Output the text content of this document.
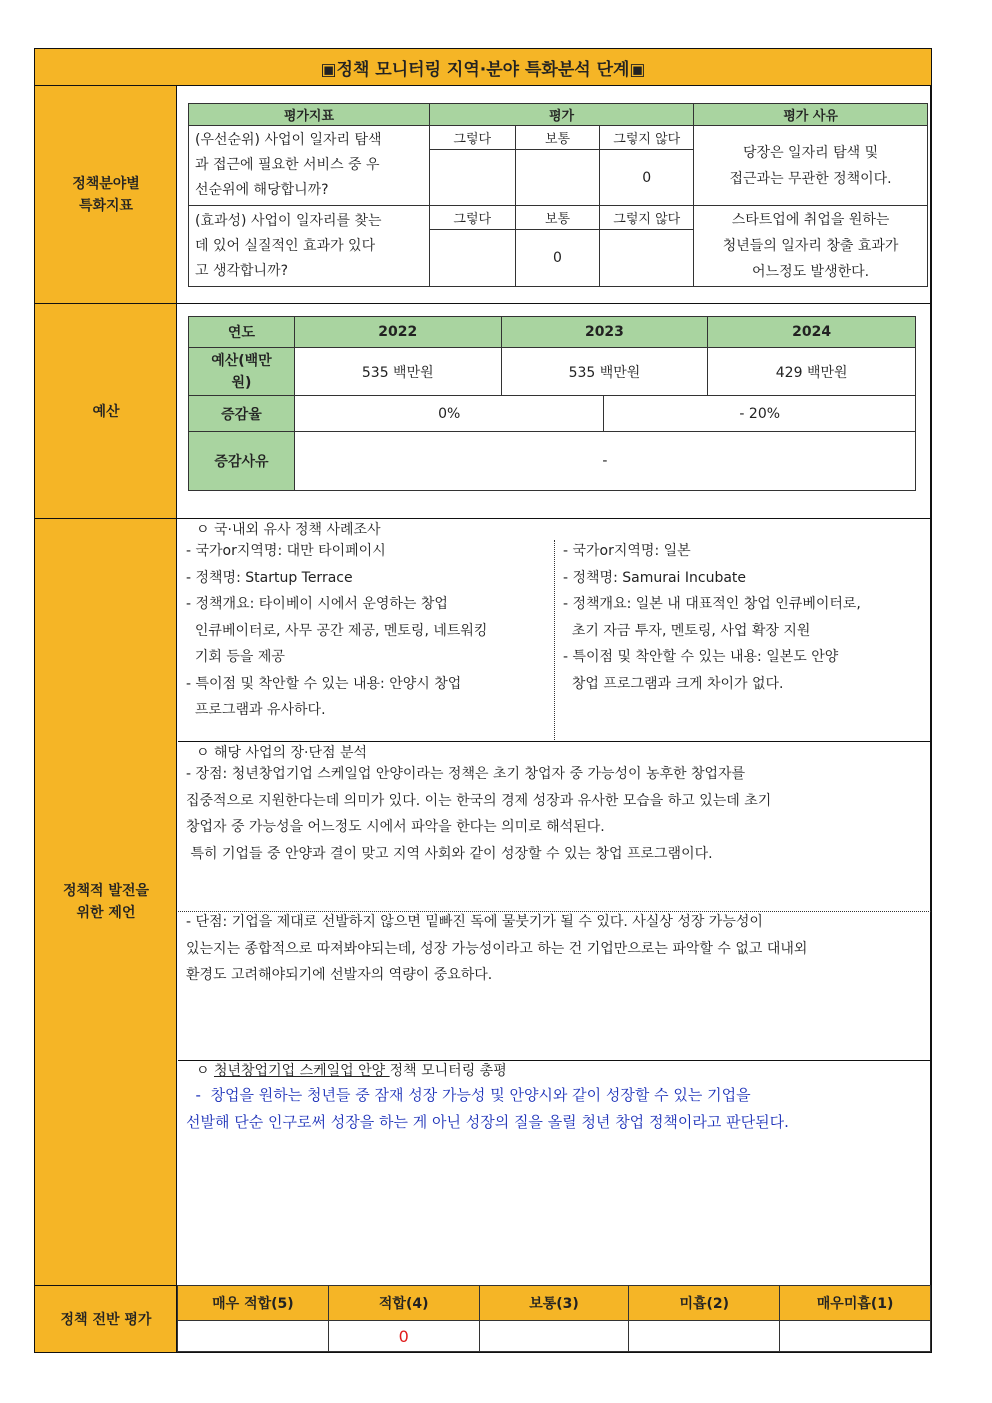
▣정책 모니터링 지역·분야 특화분석 단계▣
정책분야별
특화지표
예산
정책적 발전을
위한 제언
정책 전반 평가
평가지표	평가			평가 사유
(우선순위) 사업이 일자리 탐색
과 접근에 필요한 서비스 중 우
선순위에 해당합니까?	그렇다	보통	그렇지 않다	당장은 일자리 탐색 및
접근과는 무관한 정책이다.
			0	
(효과성) 사업이 일자리를 찾는
데 있어 실질적인 효과가 있다
고 생각합니까?	그렇다	보통	그렇지 않다	스타트업에 취업을 원하는
청년들의 일자리 창출 효과가
어느정도 발생한다.
		0		
연도	2022	2023		2024
예산(백만
원)	535 백만원	535 백만원		429 백만원
증감율	0%		- 20%	
증감사유	-			
ㅇ 국·내외 유사 정책 사례조사
- 국가or지역명: 대만 타이페이시
- 정책명: Startup Terrace
- 정책개요: 타이베이 시에서 운영하는 창업
인큐베이터로, 사무 공간 제공, 멘토링, 네트워킹
기회 등을 제공
- 특이점 및 착안할 수 있는 내용: 안양시 창업
프로그램과 유사하다.
- 국가or지역명: 일본
- 정책명: Samurai Incubate
- 정책개요: 일본 내 대표적인 창업 인큐베이터로,
초기 자금 투자, 멘토링, 사업 확장 지원
- 특이점 및 착안할 수 있는 내용: 일본도 안양
창업 프로그램과 크게 차이가 없다.
ㅇ 해당 사업의 장·단점 분석
- 장점: 청년창업기업 스케일업 안양이라는 정책은 초기 창업자 중 가능성이 농후한 창업자를
집중적으로 지원한다는데 의미가 있다. 이는 한국의 경제 성장과 유사한 모습을 하고 있는데 초기
창업자 중 가능성을 어느정도 시에서 파악을 한다는 의미로 해석된다.
특히 기업들 중 안양과 결이 맞고 지역 사회와 같이 성장할 수 있는 창업 프로그램이다.
- 단점: 기업을 제대로 선발하지 않으면 밑빠진 독에 물붓기가 될 수 있다. 사실상 성장 가능성이
있는지는 종합적으로 따져봐야되는데, 성장 가능성이라고 하는 건 기업만으로는 파악할 수 없고 대내외
환경도 고려해야되기에 선발자의 역량이 중요하다.
ㅇ 청년창업기업 스케일업 안양 정책 모니터링 총평
-  창업을 원하는 청년들 중 잠재 성장 가능성 및 안양시와 같이 성장할 수 있는 기업을
선발해 단순 인구로써 성장을 하는 게 아닌 성장의 질을 올릴 청년 창업 정책이라고 판단된다.
매우 적합(5)	적합(4)	보통(3)	미흡(2)	매우미흡(1)
	0			
